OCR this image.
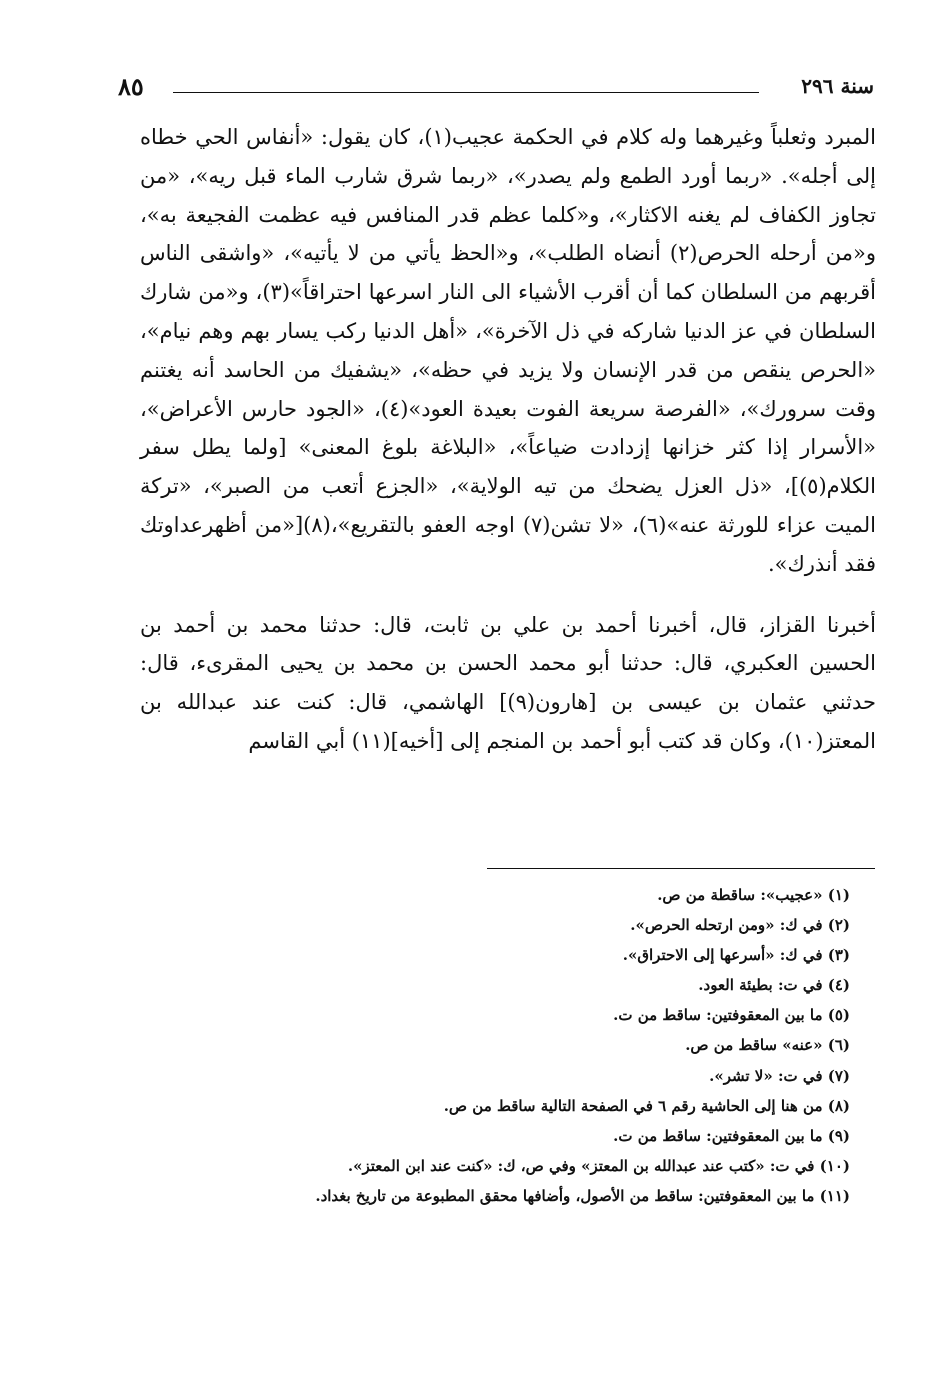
٨٥	سنة ٢٩٦

المبرد وثعلباً وغيرهما وله كلام في الحكمة عجيب(١)، كان يقول: «أنفاس الحي خطاه إلى أجله». «ربما أورد الطمع ولم يصدر»، «ربما شرق شارب الماء قبل ريه»، «من تجاوز الكفاف لم يغنه الاكثار»، و«كلما عظم قدر المنافس فيه عظمت الفجيعة به»، و«من أرحله الحرص(٢) أنضاه الطلب»، و«الحظ يأتي من لا يأتيه»، «واشقى الناس أقربهم من السلطان كما أن أقرب الأشياء الى النار اسرعها احتراقاً»(٣)، و«من شارك السلطان في عز الدنيا شاركه في ذل الآخرة»، «أهل الدنيا ركب يسار بهم وهم نيام»، «الحرص ينقص من قدر الإنسان ولا يزيد في حظه»، «يشفيك من الحاسد أنه يغتنم وقت سرورك»، «الفرصة سريعة الفوت بعيدة العود»(٤)، «الجود حارس الأعراض»، «الأسرار إذا كثر خزانها إزدادت ضياعاً»، «البلاغة بلوغ المعنى» [ولما يطل سفر الكلام(٥)]، «ذل العزل يضحك من تيه الولاية»، «الجزع أتعب من الصبر»، «تركة الميت عزاء للورثة عنه»(٦)، «لا تشن(٧) اوجه العفو بالتقريع»،(٨)[«من أظهرعداوتك فقد أنذرك».

أخبرنا القزاز، قال، أخبرنا أحمد بن علي بن ثابت، قال: حدثنا محمد بن أحمد بن الحسين العكبري، قال: حدثنا أبو محمد الحسن بن محمد بن يحيى المقرىء، قال: حدثني عثمان بن عيسى بن [هارون(٩)] الهاشمي، قال: كنت عند عبدالله بن المعتز(١٠)، وكان قد كتب أبو أحمد بن المنجم إلى [أخيه](١١) أبي القاسم

(١) «عجيب»: ساقطة من ص.
(٢) في ك: «ومن ارتحله الحرص».
(٣) في ك: «أسرعها إلى الاحتراق».
(٤) في ت: بطيئة العود.
(٥) ما بين المعقوفتين: ساقط من ت.
(٦) «عنه» ساقط من ص.
(٧) في ت: «لا تشر».
(٨) من هنا إلى الحاشية رقم ٦ في الصفحة التالية ساقط من ص.
(٩) ما بين المعقوفتين: ساقط من ت.
(١٠) في ت: «كتب عند عبدالله بن المعتز» وفي ص، ك: «كنت عند ابن المعتز».
(١١) ما بين المعقوفتين: ساقط من الأصول، وأضافها محقق المطبوعة من تاريخ بغداد.
